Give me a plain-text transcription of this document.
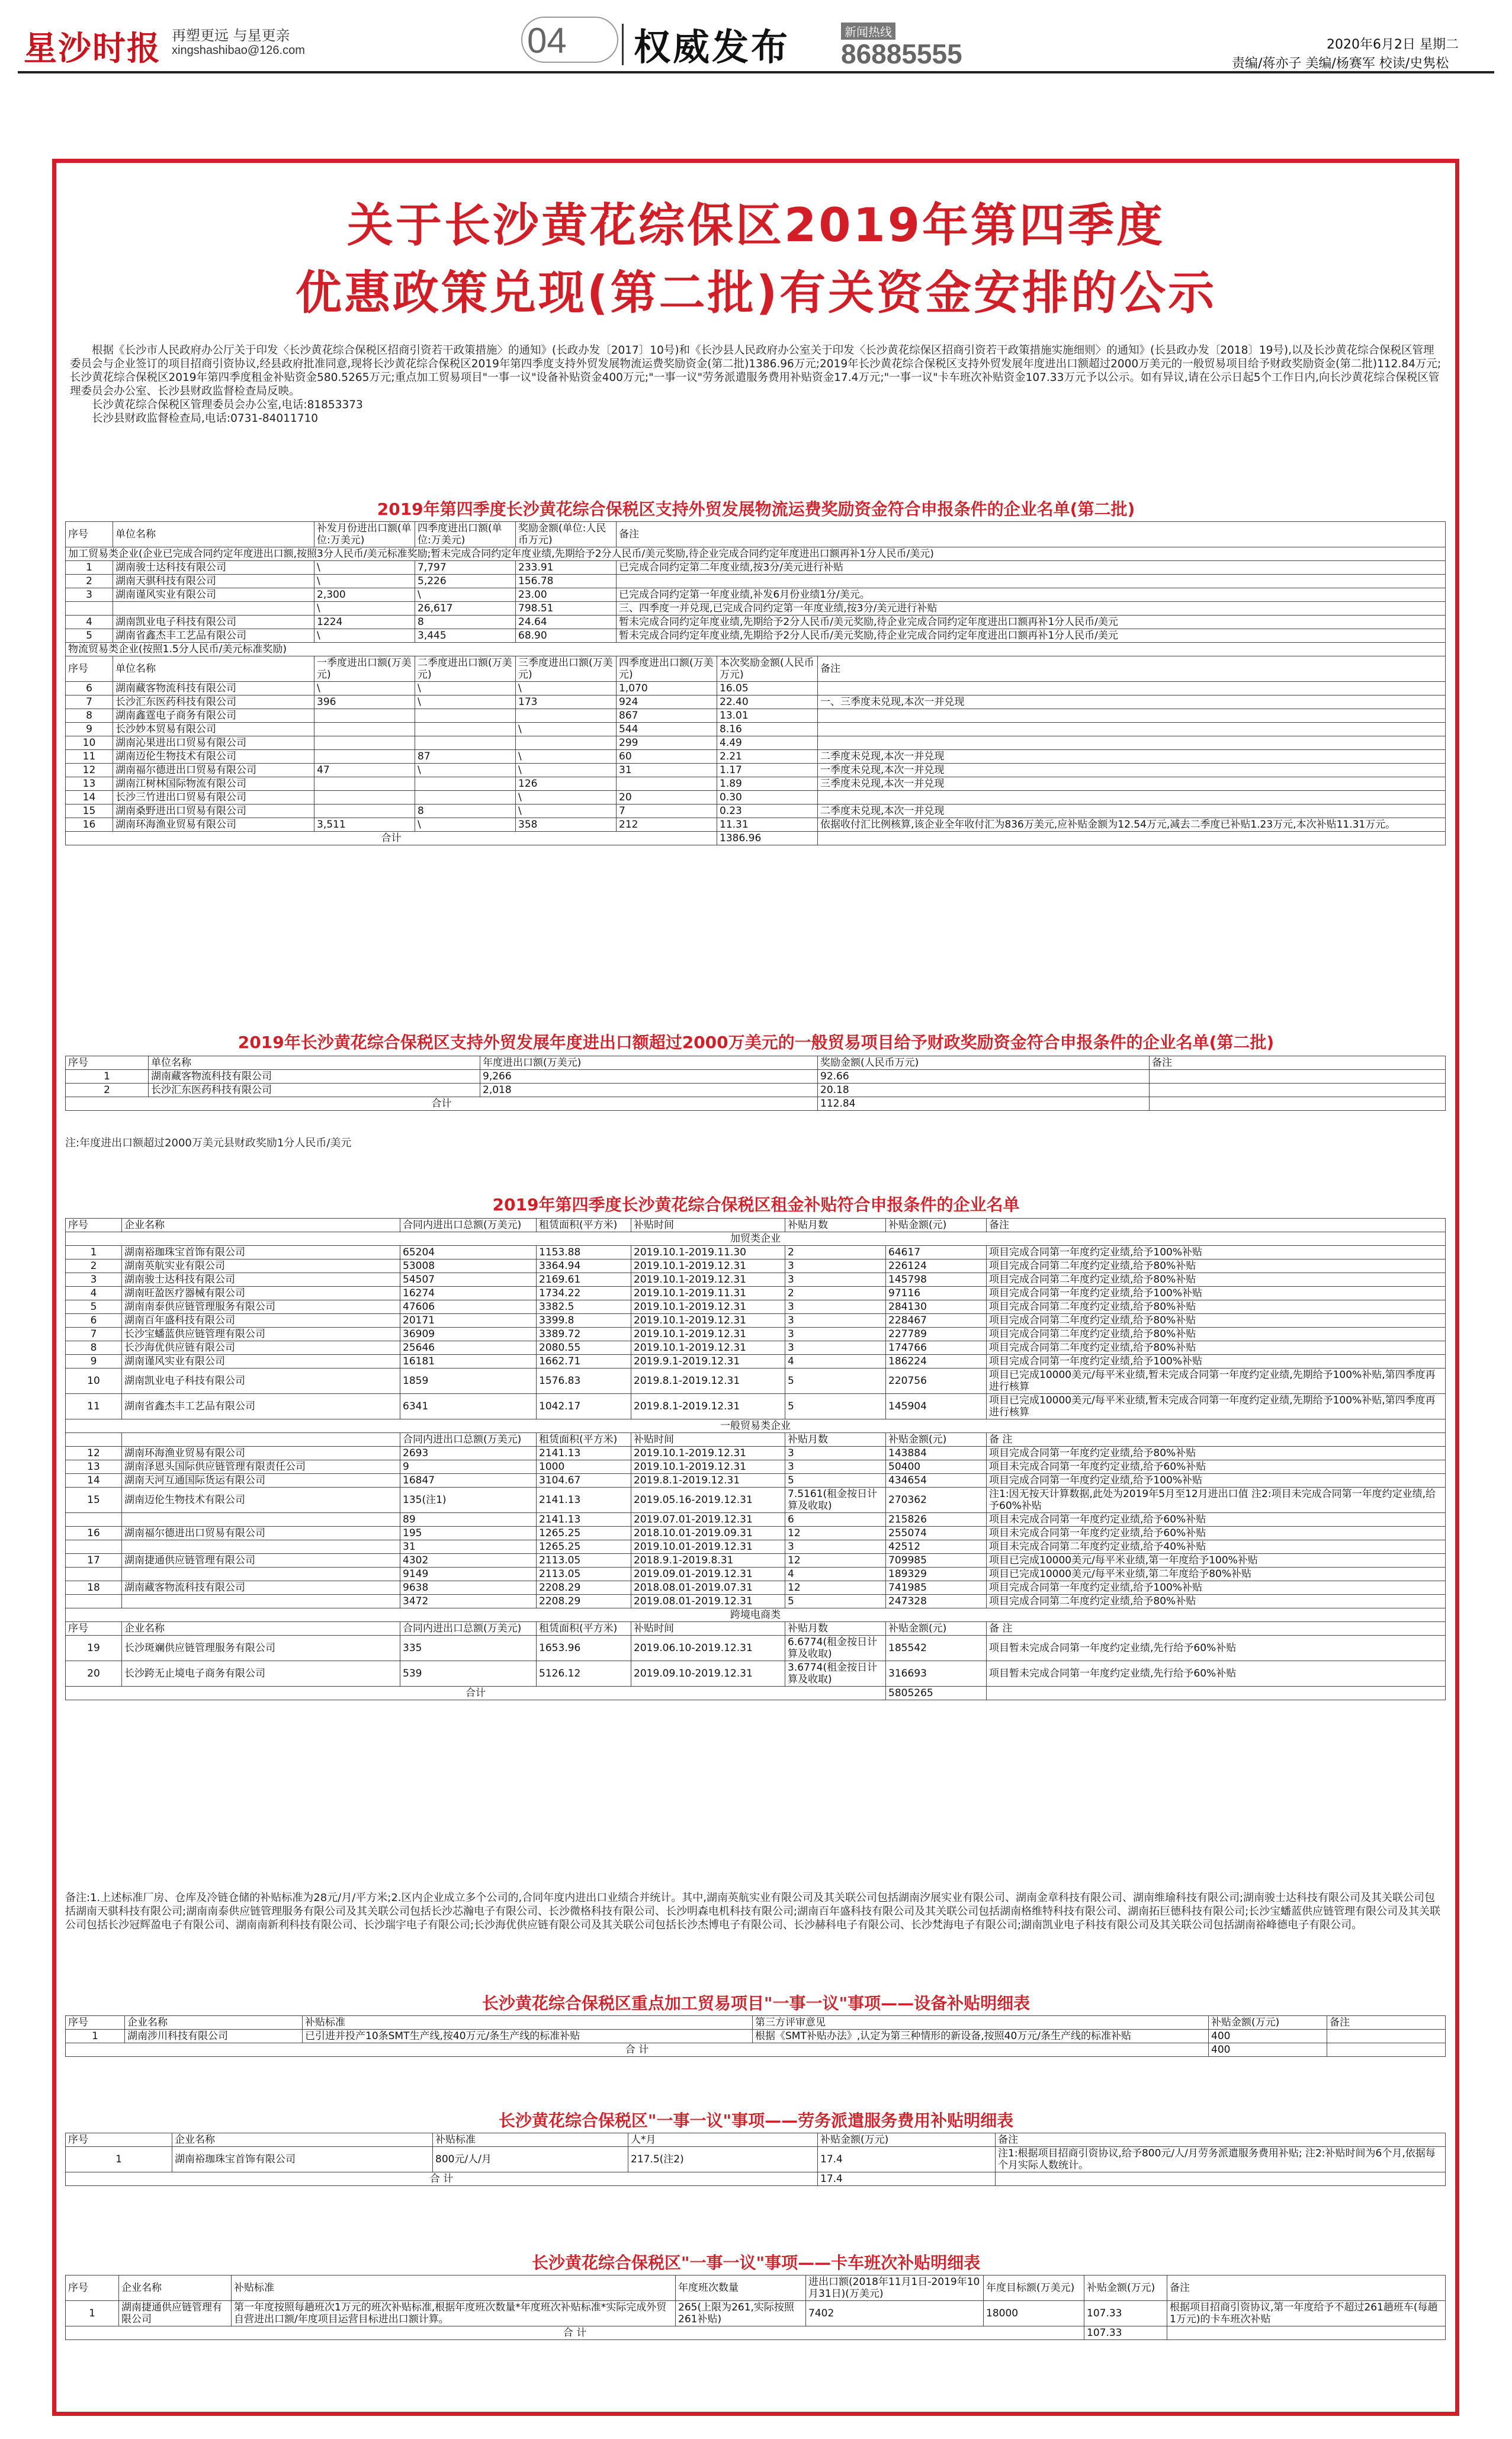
星沙时报 再塑更远 与星更亲
xingshashibao@126.com	04 权威发布	新闻热线
86885555	2020年6月2日 星期二
责编/蒋亦子 美编/杨赛军 校读/史隽松
关于长沙黄花综保区2019年第四季度
优惠政策兑现(第二批)有关资金安排的公示

根据《长沙市人民政府办公厅关于印发〈长沙黄花综合保税区招商引资若干政策措施〉的通知》(长政办发〔2017〕10号)和《长沙县人民政府办公室关于印发〈长沙黄花综保区招商引资若干政策措施实施细则〉的通知》(长县政办发〔2018〕19号),以及长沙黄花综合保税区管理委员会与企业签订的项目招商引资协议,经县政府批准同意,现将长沙黄花综合保税区2019年第四季度支持外贸发展物流运费奖励资金(第二批)1386.96万元;2019年长沙黄花综合保税区支持外贸发展年度进出口额超过2000万美元的一般贸易项目给予财政奖励资金(第二批)112.84万元;长沙黄花综合保税区2019年第四季度租金补贴资金580.5265万元;重点加工贸易项目"一事一议"设备补贴资金400万元;"一事一议"劳务派遣服务费用补贴资金17.4万元;"一事一议"卡车班次补贴资金107.33万元予以公示。如有异议,请在公示日起5个工作日内,向长沙黄花综合保税区管理委员会办公室、长沙县财政监督检查局反映。

长沙黄花综合保税区管理委员会办公室,电话:81853373

长沙县财政监督检查局,电话:0731-84011710

2019年第四季度长沙黄花综合保税区支持外贸发展物流运费奖励资金符合申报条件的企业名单(第二批)
序号	单位名称	补发月份进出口额(单位:万美元)	四季度进出口额(单位:万美元)	奖励金额(单位:人民币万元)	备注		
加工贸易类企业(企业已完成合同约定年度进出口额,按照3分人民币/美元标准奖励;暂未完成合同约定年度业绩,先期给予2分人民币/美元奖励,待企业完成合同约定年度进出口额再补1分人民币/美元)							
1	湖南骏士达科技有限公司	\	7,797	233.91	已完成合同约定第二年度业绩,按3分/美元进行补贴		
2	湖南天骐科技有限公司	\	5,226	156.78			
3	湖南谨风实业有限公司	2,300	\	23.00	已完成合同约定第一年度业绩,补发6月份业绩1分/美元。		
		\	26,617	798.51	三、四季度一并兑现,已完成合同约定第一年度业绩,按3分/美元进行补贴		
4	湖南凯业电子科技有限公司	1224	8	24.64	暂未完成合同约定年度业绩,先期给予2分人民币/美元奖励,待企业完成合同约定年度进出口额再补1分人民币/美元		
5	湖南省鑫杰丰工艺品有限公司	\	3,445	68.90	暂未完成合同约定年度业绩,先期给予2分人民币/美元奖励,待企业完成合同约定年度进出口额再补1分人民币/美元		
物流贸易类企业(按照1.5分人民币/美元标准奖励)							
序号	单位名称	一季度进出口额(万美元)	二季度进出口额(万美元)	三季度进出口额(万美元)	四季度进出口额(万美元)	本次奖励金额(人民币万元)	备注
6	湖南藏客物流科技有限公司	\	\	\	1,070	16.05	
7	长沙汇东医药科技有限公司	396	\	173	924	22.40	一、三季度未兑现,本次一并兑现
8	湖南鑫霆电子商务有限公司				867	13.01	
9	长沙妙本贸易有限公司			\	544	8.16	
10	湖南沁果进出口贸易有限公司				299	4.49	
11	湖南迈伦生物技术有限公司		87	\	60	2.21	二季度未兑现,本次一并兑现
12	湖南福尔德进出口贸易有限公司	47	\	\	31	1.17	一季度未兑现,本次一并兑现
13	湖南江树林国际物流有限公司			126		1.89	三季度未兑现,本次一并兑现
14	长沙三竹进出口贸易有限公司			\	20	0.30	
15	湖南桑野进出口贸易有限公司		8	\	7	0.23	二季度未兑现,本次一并兑现
16	湖南环海渔业贸易有限公司	3,511	\	358	212	11.31	依据收付汇比例核算,该企业全年收付汇为836万美元,应补贴金额为12.54万元,减去二季度已补贴1.23万元,本次补贴11.31万元。
合计						1386.96	
2019年长沙黄花综合保税区支持外贸发展年度进出口额超过2000万美元的一般贸易项目给予财政奖励资金符合申报条件的企业名单(第二批)
序号	单位名称	年度进出口额(万美元)	奖励金额(人民币万元)	备注
1	湖南藏客物流科技有限公司	9,266	92.66	
2	长沙汇东医药科技有限公司	2,018	20.18	
合计			112.84	
注:年度进出口额超过2000万美元县财政奖励1分人民币/美元
2019年第四季度长沙黄花综合保税区租金补贴符合申报条件的企业名单
序号	企业名称	合同内进出口总额(万美元)	租赁面积(平方米)	补贴时间	补贴月数	补贴金额(元)	备注
加贸类企业							
1	湖南裕珈珠宝首饰有限公司	65204	1153.88	2019.10.1-2019.11.30	2	64617	项目完成合同第一年度约定业绩,给予100%补贴
2	湖南英航实业有限公司	53008	3364.94	2019.10.1-2019.12.31	3	226124	项目完成合同第二年度约定业绩,给予80%补贴
3	湖南骏士达科技有限公司	54507	2169.61	2019.10.1-2019.12.31	3	145798	项目完成合同第二年度约定业绩,给予80%补贴
4	湖南旺盈医疗器械有限公司	16274	1734.22	2019.10.1-2019.11.31	2	97116	项目完成合同第一年度约定业绩,给予100%补贴
5	湖南南泰供应链管理服务有限公司	47606	3382.5	2019.10.1-2019.12.31	3	284130	项目完成合同第二年度约定业绩,给予80%补贴
6	湖南百年盛科技有限公司	20171	3399.8	2019.10.1-2019.12.31	3	228467	项目完成合同第二年度约定业绩,给予80%补贴
7	长沙宝蟠蓝供应链管理有限公司	36909	3389.72	2019.10.1-2019.12.31	3	227789	项目完成合同第二年度约定业绩,给予80%补贴
8	长沙海优供应链有限公司	25646	2080.55	2019.10.1-2019.12.31	3	174766	项目完成合同第二年度约定业绩,给予80%补贴
9	湖南谨风实业有限公司	16181	1662.71	2019.9.1-2019.12.31	4	186224	项目完成合同第一年度约定业绩,给予100%补贴
10	湖南凯业电子科技有限公司	1859	1576.83	2019.8.1-2019.12.31	5	220756	项目已完成10000美元/每平米业绩,暂未完成合同第一年度约定业绩,先期给予100%补贴,第四季度再进行核算
11	湖南省鑫杰丰工艺品有限公司	6341	1042.17	2019.8.1-2019.12.31	5	145904	项目已完成10000美元/每平米业绩,暂未完成合同第一年度约定业绩,先期给予100%补贴,第四季度再进行核算
一般贸易类企业							
		合同内进出口总额(万美元)	租赁面积(平方米)	补贴时间	补贴月数	补贴金额(元)	备 注
12	湖南环海渔业贸易有限公司	2693	2141.13	2019.10.1-2019.12.31	3	143884	项目完成合同第一年度约定业绩,给予80%补贴
13	湖南泽恩头国际供应链管理有限责任公司	9	1000	2019.10.1-2019.12.31	3	50400	项目未完成合同第一年度约定业绩,给予60%补贴
14	湖南天河互通国际货运有限公司	16847	3104.67	2019.8.1-2019.12.31	5	434654	项目完成合同第一年度约定业绩,给予100%补贴
15	湖南迈伦生物技术有限公司	135(注1)	2141.13	2019.05.16-2019.12.31	7.5161(租金按日计算及收取)	270362	注1:因无按天计算数据,此处为2019年5月至12月进出口值 注2:项目未完成合同第一年度约定业绩,给予60%补贴
		89	2141.13	2019.07.01-2019.12.31	6	215826	项目未完成合同第一年度约定业绩,给予60%补贴
16	湖南福尔德进出口贸易有限公司	195	1265.25	2018.10.01-2019.09.31	12	255074	项目未完成合同第一年度约定业绩,给予60%补贴
		31	1265.25	2019.10.01-2019.12.31	3	42512	项目未完成合同第二年度约定业绩,给予40%补贴
17	湖南捷通供应链管理有限公司	4302	2113.05	2018.9.1-2019.8.31	12	709985	项目已完成10000美元/每平米业绩,第一年度给予100%补贴
		9149	2113.05	2019.09.01-2019.12.31	4	189329	项目已完成10000美元/每平米业绩,第二年度给予80%补贴
18	湖南藏客物流科技有限公司	9638	2208.29	2018.08.01-2019.07.31	12	741985	项目完成合同第一年度约定业绩,给予100%补贴
		3472	2208.29	2019.08.01-2019.12.31	5	247328	项目完成合同第二年度约定业绩,给予80%补贴
跨境电商类							
序号	企业名称	合同内进出口总额(万美元)	租赁面积(平方米)	补贴时间	补贴月数	补贴金额(元)	备 注
19	长沙斑斓供应链管理服务有限公司	335	1653.96	2019.06.10-2019.12.31	6.6774(租金按日计算及收取)	185542	项目暂未完成合同第一年度约定业绩,先行给予60%补贴
20	长沙跨无止境电子商务有限公司	539	5126.12	2019.09.10-2019.12.31	3.6774(租金按日计算及收取)	316693	项目暂未完成合同第一年度约定业绩,先行给予60%补贴
合计						5805265	
备注:1.上述标准厂房、仓库及冷链仓储的补贴标准为28元/月/平方米;2.区内企业成立多个公司的,合同年度内进出口业绩合并统计。其中,湖南英航实业有限公司及其关联公司包括湖南汐展实业有限公司、湖南金章科技有限公司、湖南维瑜科技有限公司;湖南骏士达科技有限公司及其关联公司包括湖南天骐科技有限公司;湖南南泰供应链管理服务有限公司及其关联公司包括长沙芯瀚电子有限公司、长沙微格科技有限公司、长沙明森电机科技有限公司;湖南百年盛科技有限公司及其关联公司包括湖南格维特科技有限公司、湖南拓巨德科技有限公司;长沙宝蟠蓝供应链管理有限公司及其关联公司包括长沙冠辉盈电子有限公司、湖南南新利科技有限公司、长沙瑞宇电子有限公司;长沙海优供应链有限公司及其关联公司包括长沙杰博电子有限公司、长沙赫科电子有限公司、长沙梵海电子有限公司;湖南凯业电子科技有限公司及其关联公司包括湖南裕峰德电子有限公司。
长沙黄花综合保税区重点加工贸易项目"一事一议"事项——设备补贴明细表
序号	企业名称	补贴标准	第三方评审意见	补贴金额(万元)	备注
1	湖南涉川科技有限公司	已引进并投产10条SMT生产线,按40万元/条生产线的标准补贴	根据《SMT补贴办法》,认定为第三种情形的新设备,按照40万元/条生产线的标准补贴	400	
合 计				400	
长沙黄花综合保税区"一事一议"事项——劳务派遣服务费用补贴明细表
序号	企业名称	补贴标准	人*月	补贴金额(万元)	备注
1	湖南裕珈珠宝首饰有限公司	800元/人/月	217.5(注2)	17.4	注1:根据项目招商引资协议,给予800元/人/月劳务派遣服务费用补贴; 注2:补贴时间为6个月,依据每个月实际人数统计。
合 计				17.4	
长沙黄花综合保税区"一事一议"事项——卡车班次补贴明细表
序号	企业名称	补贴标准	年度班次数量	进出口额(2018年11月1日-2019年10月31日)(万美元)	年度目标额(万美元)	补贴金额(万元)	备注
1	湖南捷通供应链管理有限公司	第一年度按照每趟班次1万元的班次补贴标准,根据年度班次数量*年度班次补贴标准*实际完成外贸自营进出口额/年度项目运营目标进出口额计算。	265(上限为261,实际按照261补贴)	7402	18000	107.33	根据项目招商引资协议,第一年度给予不超过261趟班车(每趟1万元)的卡车班次补贴
合 计						107.33	
